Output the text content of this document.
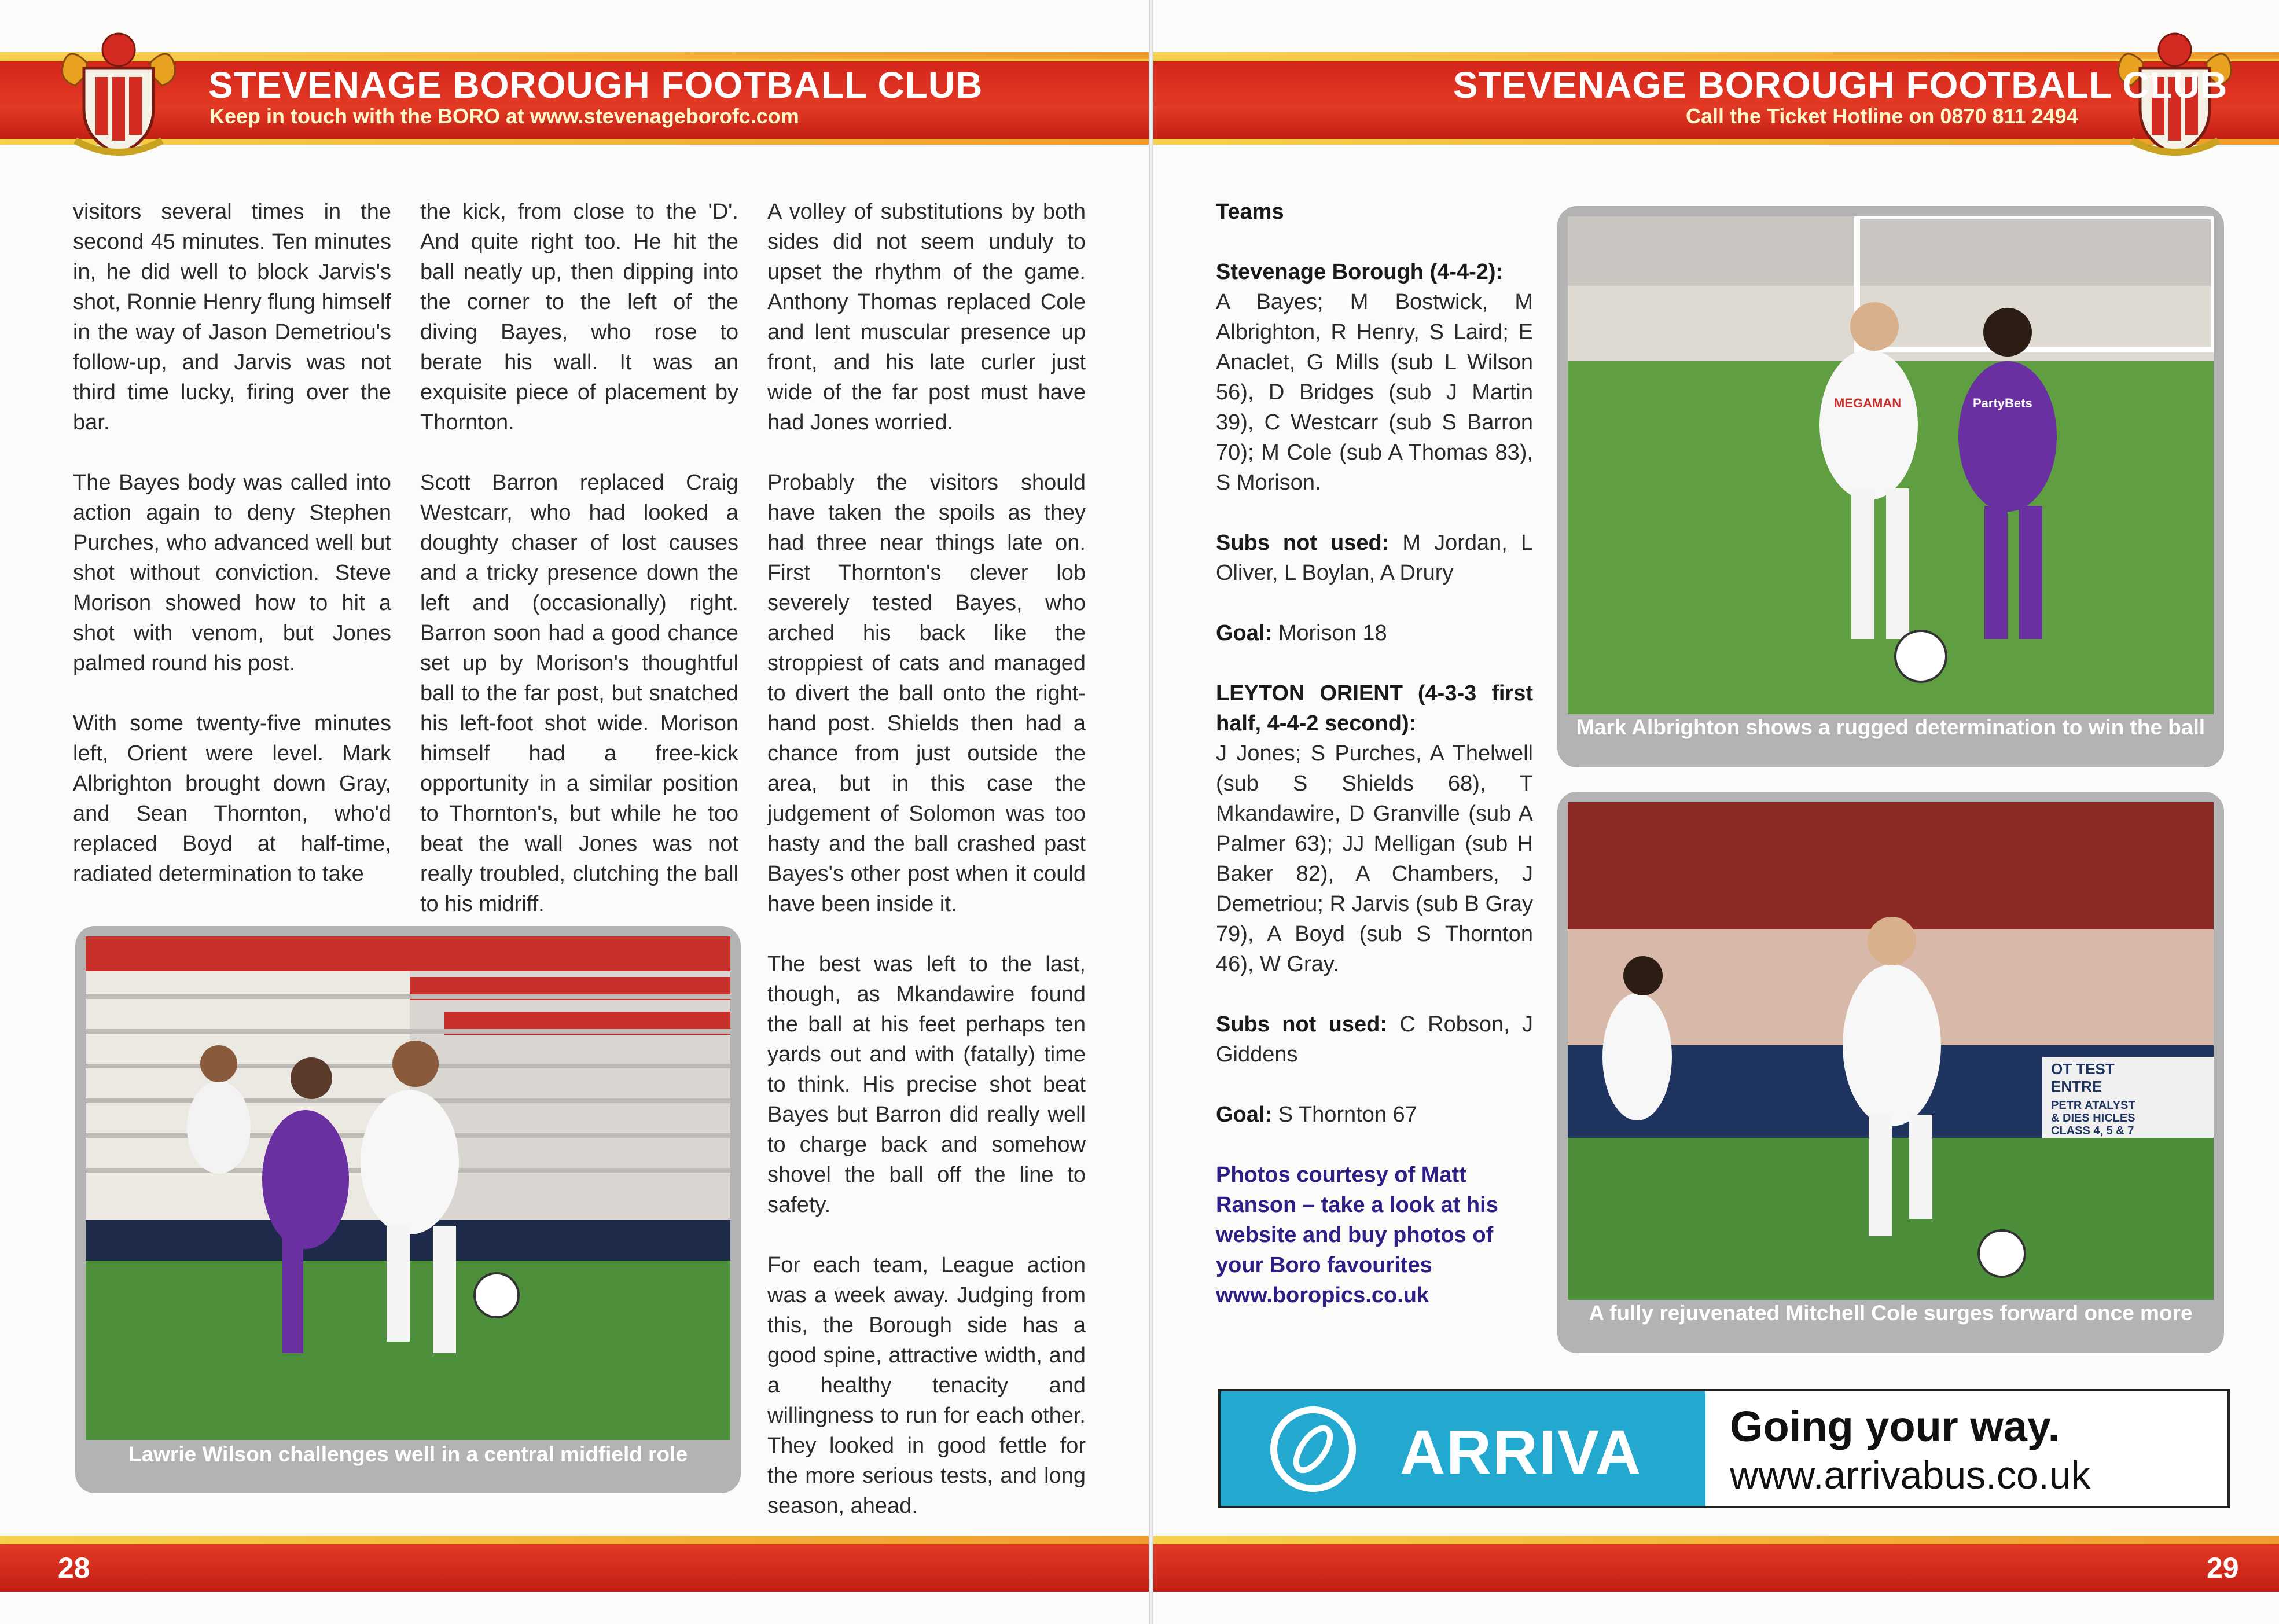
STEVENAGE BOROUGH FOOTBALL CLUB
Keep in touch with the BORO at www.stevenageborofc.com

visitors several times in the second 45 minutes. Ten minutes in, he did well to block Jarvis's shot, Ronnie Henry flung himself in the way of Jason Demetriou's follow-up, and Jarvis was not third time lucky, firing over the bar.

The Bayes body was called into action again to deny Stephen Purches, who advanced well but shot without conviction. Steve Morison showed how to hit a shot with venom, but Jones palmed round his post.

With some twenty-five minutes left, Orient were level. Mark Albrighton brought down Gray, and Sean Thornton, who'd replaced Boyd at half-time, radiated determination to take

the kick, from close to the 'D'. And quite right too. He hit the ball neatly up, then dipping into the corner to the left of the diving Bayes, who rose to berate his wall. It was an exquisite piece of placement by Thornton.

Scott Barron replaced Craig Westcarr, who had looked a doughty chaser of lost causes and a tricky presence down the left and (occasionally) right. Barron soon had a good chance set up by Morison's thoughtful ball to the far post, but snatched his left-foot shot wide. Morison himself had a free-kick opportunity in a similar position to Thornton's, but while he too beat the wall Jones was not really troubled, clutching the ball to his midriff.

A volley of substitutions by both sides did not seem unduly to upset the rhythm of the game. Anthony Thomas replaced Cole and lent muscular presence up front, and his late curler just wide of the far post must have had Jones worried.

Probably the visitors should have taken the spoils as they had three near things late on. First Thornton's clever lob severely tested Bayes, who arched his back like the stroppiest of cats and managed to divert the ball onto the right-hand post. Shields then had a chance from just outside the area, but in this case the judgement of Solomon was too hasty and the ball crashed past Bayes's other post when it could have been inside it.

The best was left to the last, though, as Mkandawire found the ball at his feet perhaps ten yards out and with (fatally) time to think. His precise shot beat Bayes but Barron did really well to charge back and somehow shovel the ball off the line to safety.

For each team, League action was a week away. Judging from this, the Borough side has a good spine, attractive width, and a healthy tenacity and willingness to run for each other. They looked in good fettle for the more serious tests, and long season, ahead.

Lawrie Wilson challenges well in a central midfield role
28
STEVENAGE BOROUGH FOOTBALL CLUB
Call the Ticket Hotline on 0870 811 2494

Teams

Stevenage Borough (4-4-2):
A Bayes; M Bostwick, M Albrighton, R Henry, S Laird; E Anaclet, G Mills (sub L Wilson 56), D Bridges (sub J Martin 39), C Westcarr (sub S Barron 70); M Cole (sub A Thomas 83), S Morison.

Subs not used: M Jordan, L Oliver, L Boylan, A Drury

Goal: Morison 18

LEYTON ORIENT (4-3-3 first half, 4-4-2 second):
J Jones; S Purches, A Thelwell (sub S Shields 68), T Mkandawire, D Granville (sub A Palmer 63); JJ Melligan (sub H Baker 82), A Chambers, J Demetriou; R Jarvis (sub B Gray 79), A Boyd (sub S Thornton 46), W Gray.

Subs not used: C Robson, J Giddens

Goal: S Thornton 67

Photos courtesy of Matt Ranson – take a look at his website and buy photos of your Boro favourites www.boropics.co.uk

MEGAMAN	PartyBets
Mark Albrighton shows a rugged determination to win the ball
OT TEST
ENTRE
PETR ATALYST
& DIES HICLES
CLASS 4, 5 & 7
A fully rejuvenated Mitchell Cole surges forward once more
ARRIVA Going your way.
www.arrivabus.co.uk
29
